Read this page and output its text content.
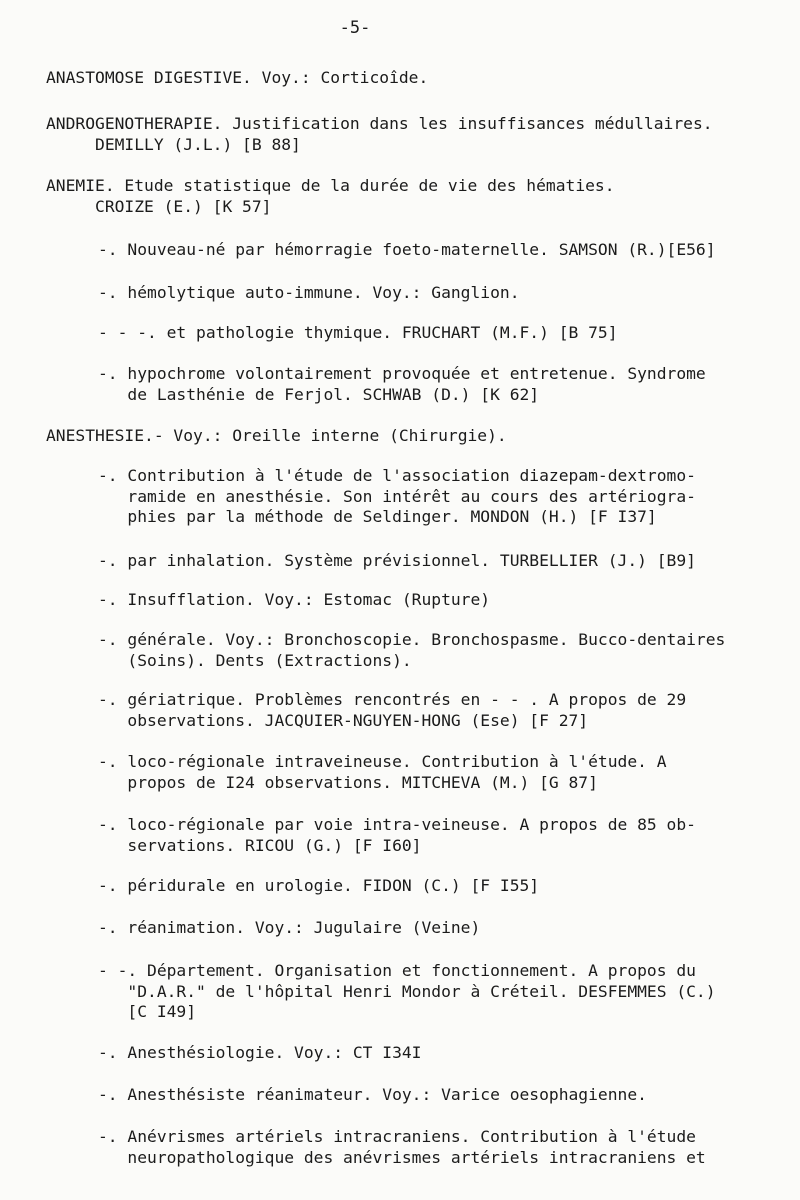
-5-
ANASTOMOSE DIGESTIVE. Voy.: Corticoîde.
ANDROGENOTHERAPIE. Justification dans les insuffisances médullaires.
DEMILLY (J.L.) [B 88]
ANEMIE. Etude statistique de la durée de vie des hématies.
CROIZE (E.) [K 57]
-. Nouveau-né par hémorragie foeto-maternelle. SAMSON (R.)[E56]
-. hémolytique auto-immune. Voy.: Ganglion.
- - -. et pathologie thymique. FRUCHART (M.F.) [B 75]
-. hypochrome volontairement provoquée et entretenue. Syndrome
de Lasthénie de Ferjol. SCHWAB (D.) [K 62]
ANESTHESIE.- Voy.: Oreille interne (Chirurgie).
-. Contribution à l'étude de l'association diazepam-dextromo-
ramide en anesthésie. Son intérêt au cours des artériogra-
phies par la méthode de Seldinger. MONDON (H.) [F I37]
-. par inhalation. Système prévisionnel. TURBELLIER (J.) [B9]
-. Insufflation. Voy.: Estomac (Rupture)
-. générale. Voy.: Bronchoscopie. Bronchospasme. Bucco-dentaires
(Soins). Dents (Extractions).
-. gériatrique. Problèmes rencontrés en - - . A propos de 29
observations. JACQUIER-NGUYEN-HONG (Ese) [F 27]
-. loco-régionale intraveineuse. Contribution à l'étude. A
propos de I24 observations. MITCHEVA (M.) [G 87]
-. loco-régionale par voie intra-veineuse. A propos de 85 ob-
servations. RICOU (G.) [F I60]
-. péridurale en urologie. FIDON (C.) [F I55]
-. réanimation. Voy.: Jugulaire (Veine)
- -. Département. Organisation et fonctionnement. A propos du
"D.A.R." de l'hôpital Henri Mondor à Créteil. DESFEMMES (C.)
[C I49]
-. Anesthésiologie. Voy.: CT I34I
-. Anesthésiste réanimateur. Voy.: Varice oesophagienne.
-. Anévrismes artériels intracraniens. Contribution à l'étude
neuropathologique des anévrismes artériels intracraniens et
